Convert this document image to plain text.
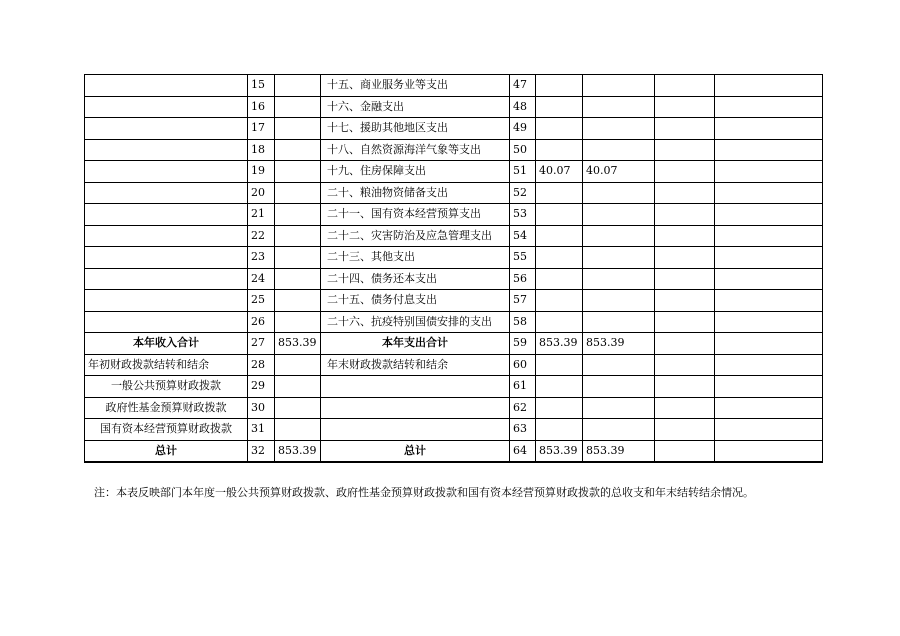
	15		十五、商业服务业等支出	47				
	16		十六、金融支出	48				
	17		十七、援助其他地区支出	49				
	18		十八、自然资源海洋气象等支出	50				
	19		十九、住房保障支出	51	40.07	40.07		
	20		二十、粮油物资储备支出	52				
	21		二十一、国有资本经营预算支出	53				
	22		二十二、灾害防治及应急管理支出	54				
	23		二十三、其他支出	55				
	24		二十四、债务还本支出	56				
	25		二十五、债务付息支出	57				
	26		二十六、抗疫特别国债安排的支出	58				
本年收入合计	27	853.39	本年支出合计	59	853.39	853.39		
年初财政拨款结转和结余	28		年末财政拨款结转和结余	60				
一般公共预算财政拨款	29			61				
政府性基金预算财政拨款	30			62				
国有资本经营预算财政拨款	31			63				
总计	32	853.39	总计	64	853.39	853.39		
注：本表反映部门本年度一般公共预算财政拨款、政府性基金预算财政拨款和国有资本经营预算财政拨款的总收支和年末结转结余情况。
